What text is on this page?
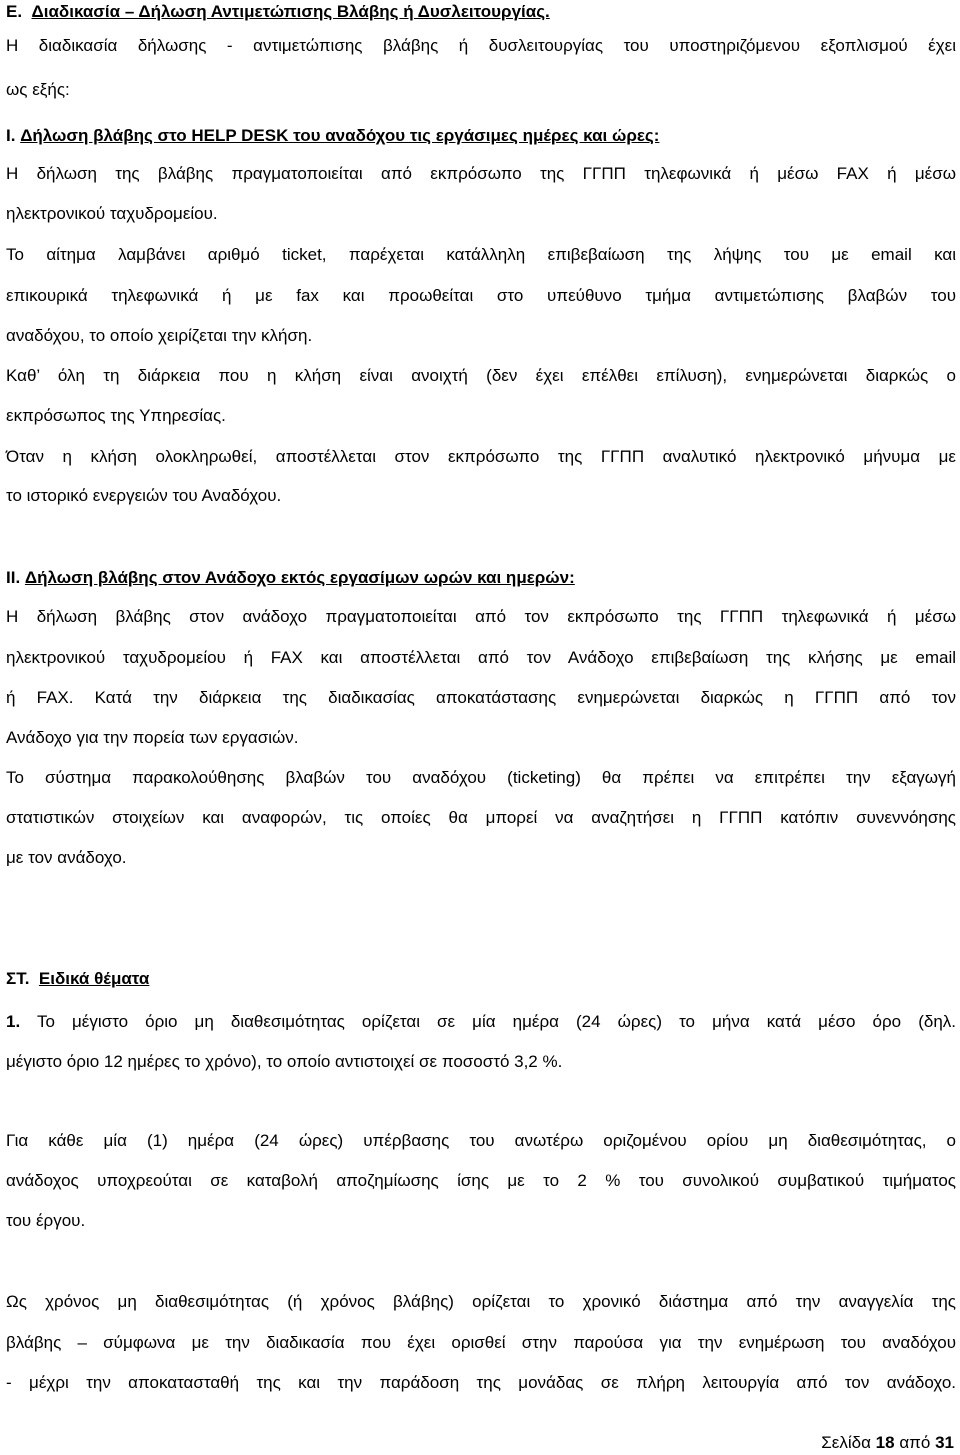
Ε. Διαδικασία – Δήλωση Αντιμετώπισης Βλάβης ή Δυσλειτουργίας.
Η διαδικασία δήλωσης - αντιμετώπισης βλάβης ή δυσλειτουργίας του υποστηριζόμενου εξοπλισμού έχει
ως εξής:
I. Δήλωση βλάβης στο HELP DESK του αναδόχου τις εργάσιμες ημέρες και ώρες:
Η δήλωση της βλάβης πραγματοποιείται από εκπρόσωπο της ΓΓΠΠ τηλεφωνικά ή μέσω FAX ή μέσω
ηλεκτρονικού ταχυδρομείου.
Το αίτημα λαμβάνει αριθμό ticket, παρέχεται κατάλληλη επιβεβαίωση της λήψης του με email και
επικουρικά τηλεφωνικά ή με fax και προωθείται στο υπεύθυνο τμήμα αντιμετώπισης βλαβών του
αναδόχου, το οποίο χειρίζεται την κλήση.
Καθ’ όλη τη διάρκεια που η κλήση είναι ανοιχτή (δεν έχει επέλθει επίλυση), ενημερώνεται διαρκώς ο
εκπρόσωπος της Υπηρεσίας.
Όταν η κλήση ολοκληρωθεί, αποστέλλεται στον εκπρόσωπο της ΓΓΠΠ αναλυτικό ηλεκτρονικό μήνυμα με
το ιστορικό ενεργειών του Αναδόχου.
II. Δήλωση βλάβης στον Ανάδοχο εκτός εργασίμων ωρών και ημερών:
Η δήλωση βλάβης στον ανάδοχο πραγματοποιείται από τον εκπρόσωπο της ΓΓΠΠ τηλεφωνικά ή μέσω
ηλεκτρονικού ταχυδρομείου ή FAX και αποστέλλεται από τον Ανάδοχο επιβεβαίωση της κλήσης με email
ή FAX. Κατά την διάρκεια της διαδικασίας αποκατάστασης ενημερώνεται διαρκώς η ΓΓΠΠ από τον
Ανάδοχο για την πορεία των εργασιών.
Το σύστημα παρακολούθησης βλαβών του αναδόχου (ticketing) θα πρέπει να επιτρέπει την εξαγωγή
στατιστικών στοιχείων και αναφορών, τις οποίες θα μπορεί να αναζητήσει η ΓΓΠΠ κατόπιν συνεννόησης
με τον ανάδοχο.
ΣΤ. Ειδικά θέματα
1. Το μέγιστο όριο μη διαθεσιμότητας ορίζεται σε μία ημέρα (24 ώρες) το μήνα κατά μέσο όρο (δηλ.
μέγιστο όριο 12 ημέρες το χρόνο), το οποίο αντιστοιχεί σε ποσοστό 3,2 %.
Για κάθε μία (1) ημέρα (24 ώρες) υπέρβασης του ανωτέρω οριζομένου ορίου μη διαθεσιμότητας, ο
ανάδοχος υποχρεούται σε καταβολή αποζημίωσης ίσης με το 2 % του συνολικού συμβατικού τιμήματος
του έργου.
Ως χρόνος μη διαθεσιμότητας (ή χρόνος βλάβης) ορίζεται το χρονικό διάστημα από την αναγγελία της
βλάβης – σύμφωνα με την διαδικασία που έχει ορισθεί στην παρούσα για την ενημέρωση του αναδόχου
- μέχρι την αποκατασταθή της και την παράδοση της μονάδας σε πλήρη λειτουργία από τον ανάδοχο.
Σελίδα 18 από 31
